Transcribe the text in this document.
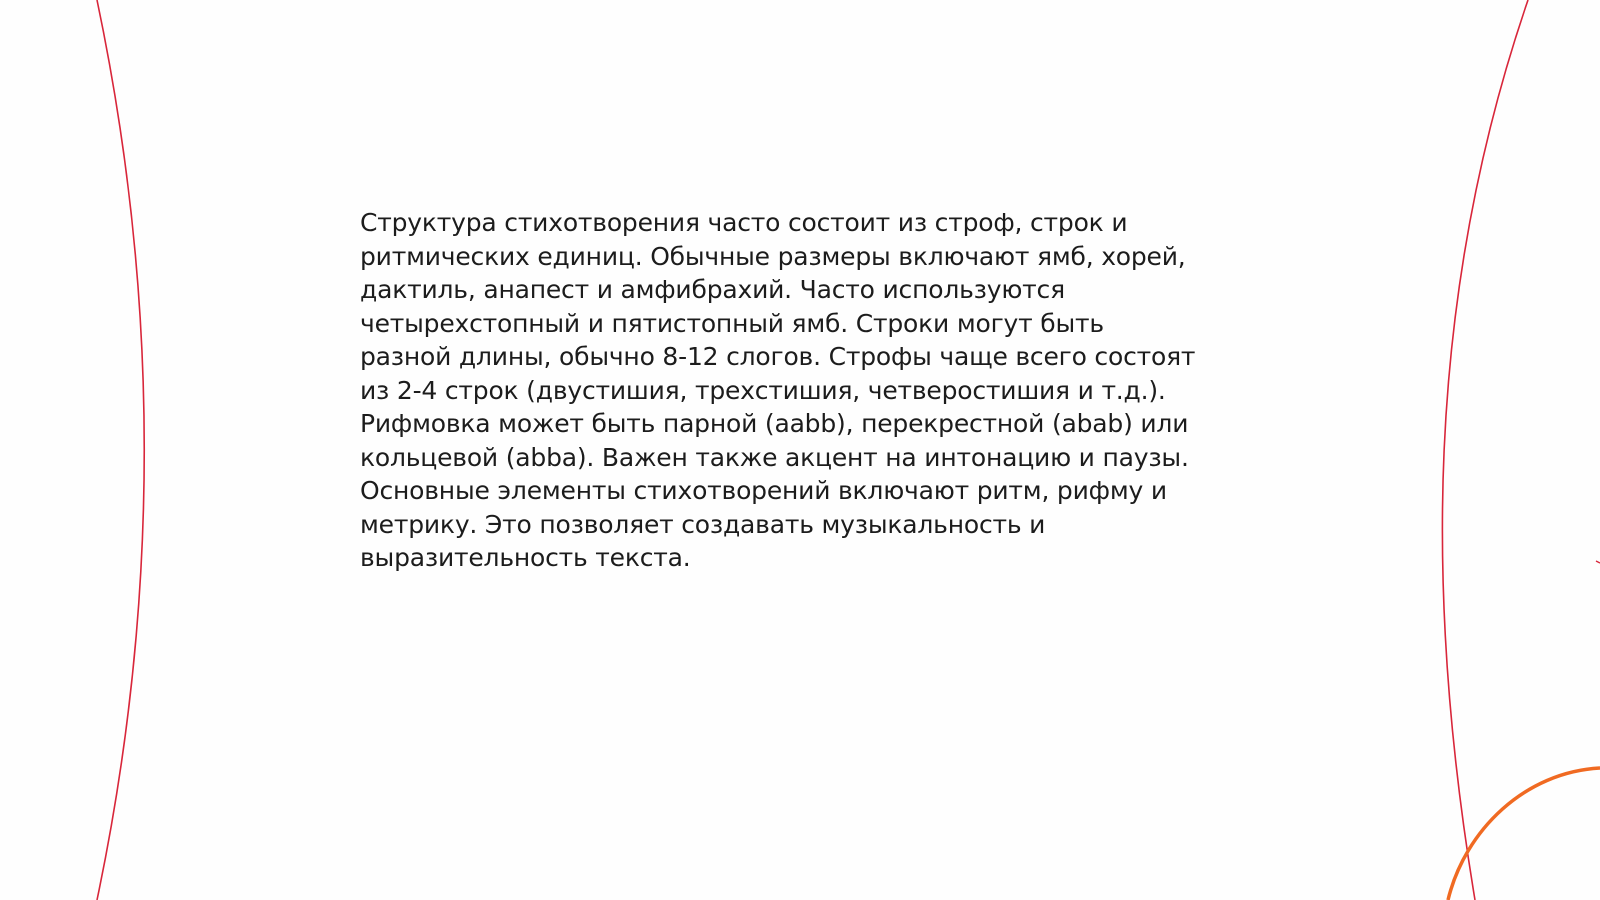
Структура стихотворения часто состоит из строф, строк и
ритмических единиц. Обычные размеры включают ямб, хорей,
дактиль, анапест и амфибрахий. Часто используются
четырехстопный и пятистопный ямб. Строки могут быть
разной длины, обычно 8-12 слогов. Строфы чаще всего состоят
из 2-4 строк (двустишия, трехстишия, четверостишия и т.д.).
Рифмовка может быть парной (aabb), перекрестной (abab) или
кольцевой (abba). Важен также акцент на интонацию и паузы.
Основные элементы стихотворений включают ритм, рифму и
метрику. Это позволяет создавать музыкальность и
выразительность текста.
